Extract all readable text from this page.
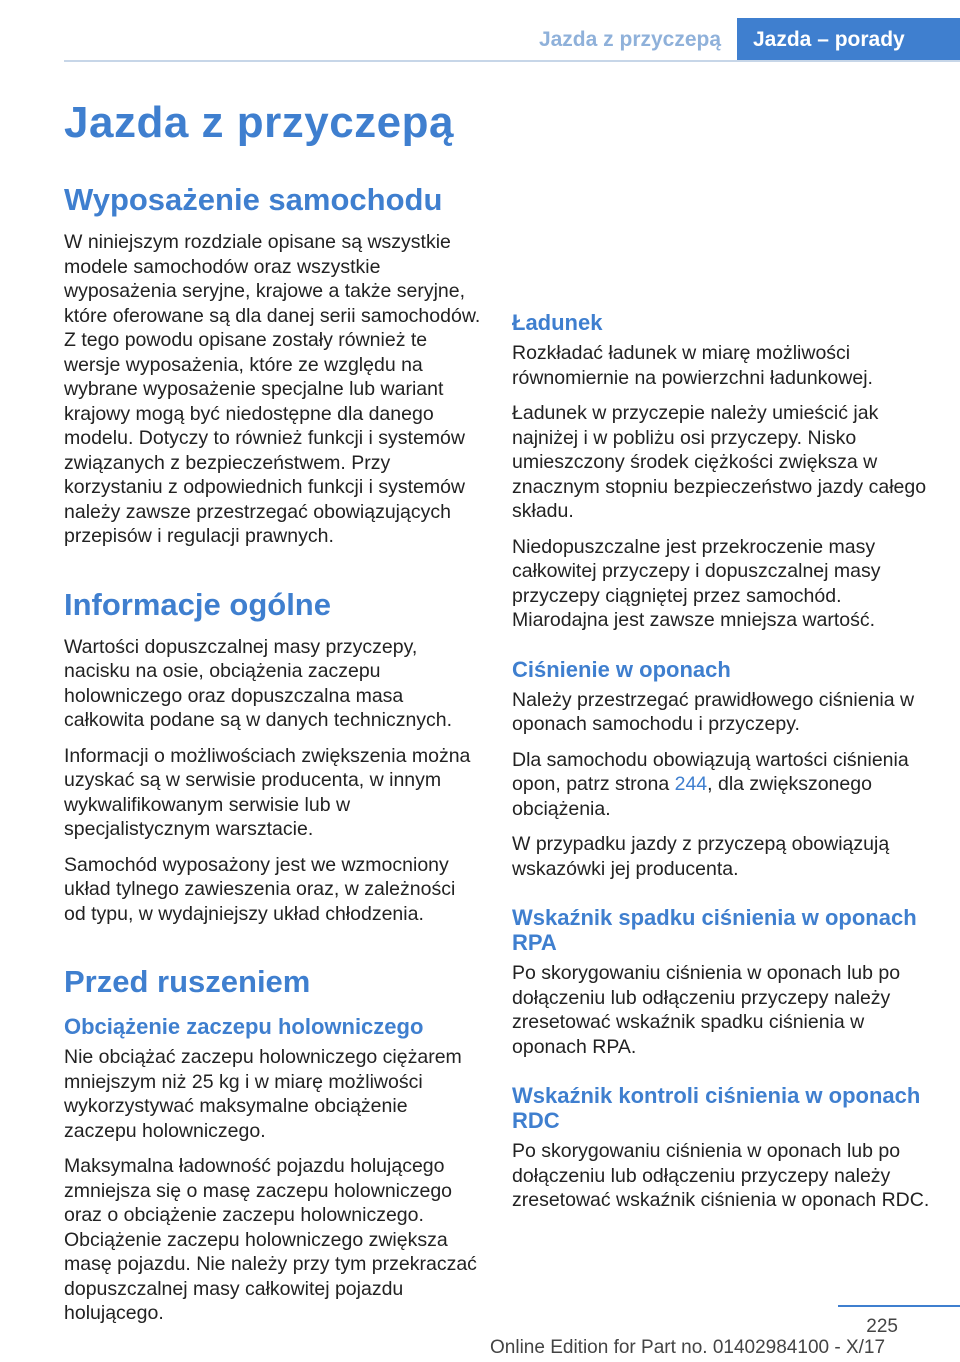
Jazda z przyczepą	Jazda – porady
Jazda z przyczepą
Wyposażenie samochodu

W niniejszym rozdziale opisane są wszystkie modele samochodów oraz wszystkie wyposażenia seryjne, krajowe a także seryjne, które oferowane są dla danej serii samochodów. Z tego powodu opisane zostały również te wersje wyposażenia, które ze względu na wybrane wyposażenie specjalne lub wariant krajowy mogą być niedostępne dla danego modelu. Dotyczy to również funkcji i systemów związanych z bezpieczeństwem. Przy korzystaniu z odpowiednich funkcji i systemów należy zawsze przestrzegać obowiązujących przepisów i regulacji prawnych.

Informacje ogólne

Wartości dopuszczalnej masy przyczepy, nacisku na osie, obciążenia zaczepu holowniczego oraz dopuszczalna masa całkowita podane są w danych technicznych.

Informacji o możliwościach zwiększenia można uzyskać są w serwisie producenta, w innym wykwalifikowanym serwisie lub w specjalistycznym warsztacie.

Samochód wyposażony jest we wzmocniony układ tylnego zawieszenia oraz, w zależności od typu, w wydajniejszy układ chłodzenia.

Przed ruszeniem
Obciążenie zaczepu holowniczego

Nie obciążać zaczepu holowniczego ciężarem mniejszym niż 25 kg i w miarę możliwości wykorzystywać maksymalne obciążenie zaczepu holowniczego.

Maksymalna ładowność pojazdu holującego zmniejsza się o masę zaczepu holowniczego oraz o obciążenie zaczepu holowniczego. Obciążenie zaczepu holowniczego zwiększa masę pojazdu. Nie należy przy tym przekraczać dopuszczalnej masy całkowitej pojazdu holującego.

Ładunek

Rozkładać ładunek w miarę możliwości równomiernie na powierzchni ładunkowej.

Ładunek w przyczepie należy umieścić jak najniżej i w pobliżu osi przyczepy. Nisko umieszczony środek ciężkości zwiększa w znacznym stopniu bezpieczeństwo jazdy całego składu.

Niedopuszczalne jest przekroczenie masy całkowitej przyczepy i dopuszczalnej masy przyczepy ciągniętej przez samochód. Miarodajna jest zawsze mniejsza wartość.

Ciśnienie w oponach

Należy przestrzegać prawidłowego ciśnienia w oponach samochodu i przyczepy.

Dla samochodu obowiązują wartości ciśnienia opon, patrz strona 244, dla zwiększonego obciążenia.

W przypadku jazdy z przyczepą obowiązują wskazówki jej producenta.

Wskaźnik spadku ciśnienia w oponach RPA

Po skorygowaniu ciśnienia w oponach lub po dołączeniu lub odłączeniu przyczepy należy zresetować wskaźnik spadku ciśnienia w oponach RPA.

Wskaźnik kontroli ciśnienia w oponach RDC

Po skorygowaniu ciśnienia w oponach lub po dołączeniu lub odłączeniu przyczepy należy zresetować wskaźnik ciśnienia w oponach RDC.

225
Online Edition for Part no. 01402984100 - X/17
